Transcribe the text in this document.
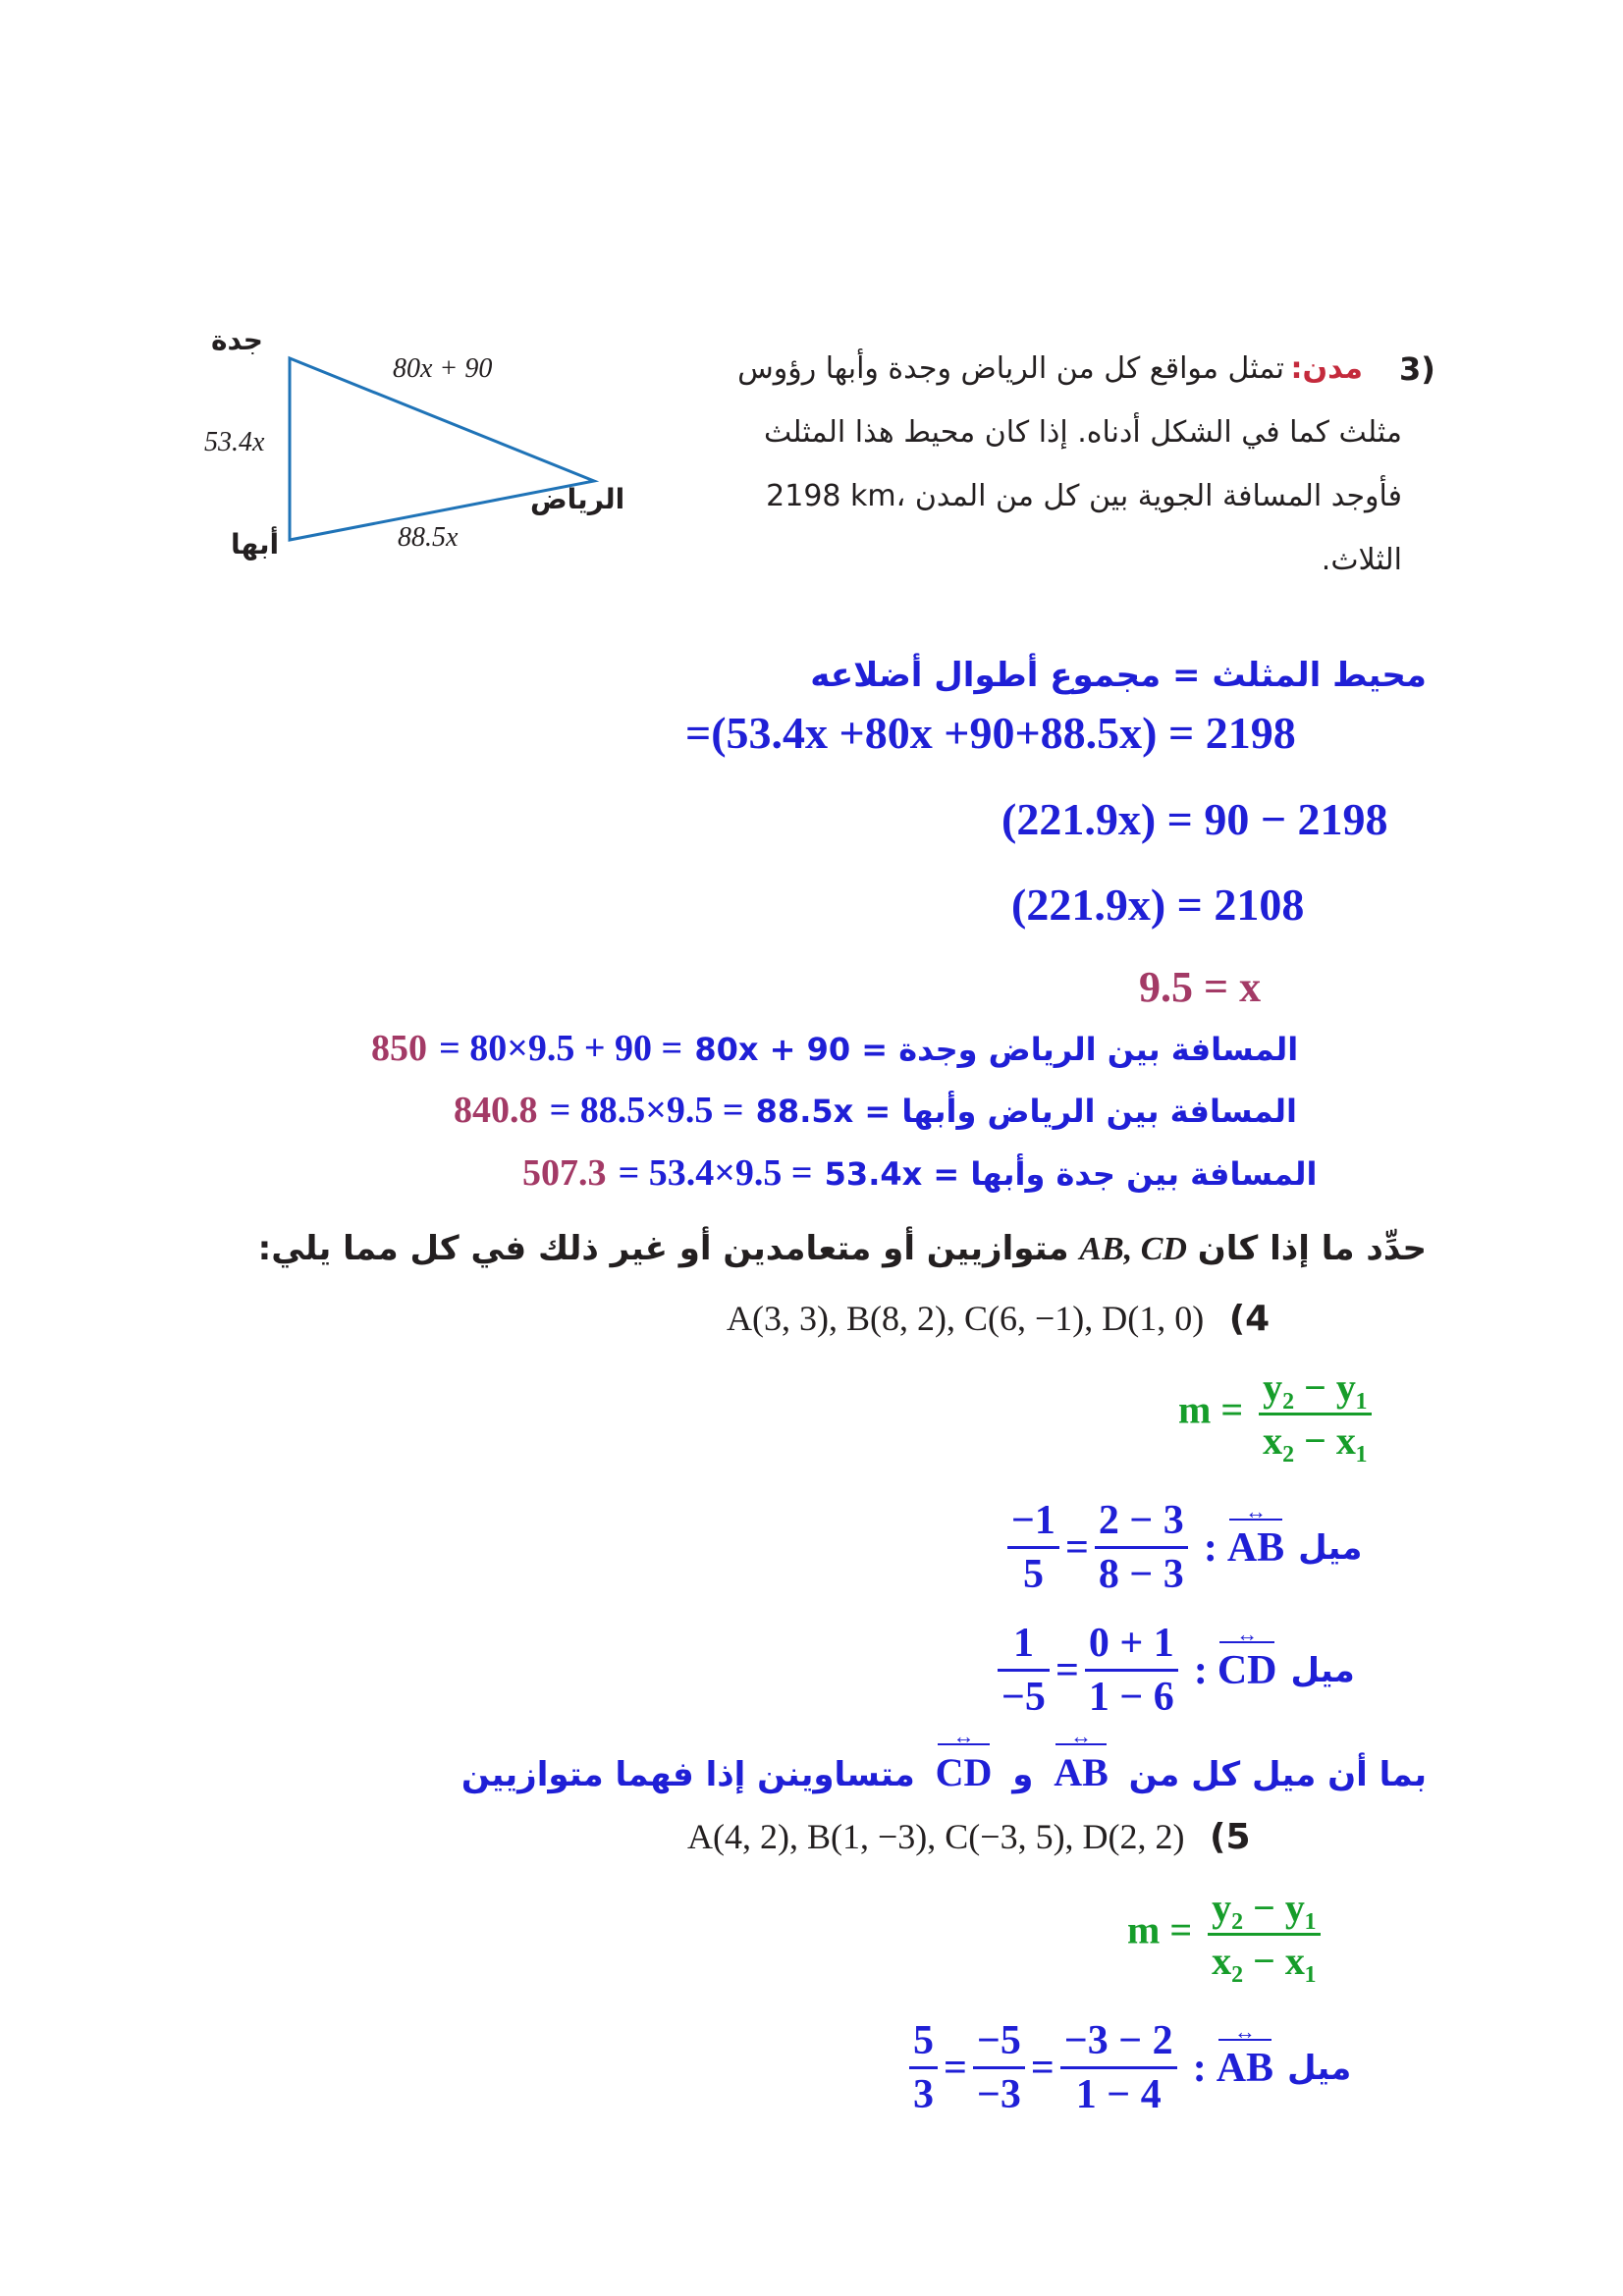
3)
مدن:
تمثل مواقع كل من الرياض وجدة وأبها رؤوس
مثلث كما في الشكل أدناه. إذا كان محيط هذا المثلث
2198 km، فأوجد المسافة الجوية بين كل من المدن
الثلاث.
جدة
أبها
الرياض
80x + 90
53.4x
88.5x
محيط المثلث = مجموع أطوال أضلاعه
=(53.4x +80x +90+88.5x) = 2198
(221.9x) = 90 − 2198
(221.9x) = 2108
9.5 = x
850 = 80×9.5 + 90 = المسافة بين الرياض وجدة = 80x + 90
840.8 = 88.5×9.5 = المسافة بين الرياض وأبها = 88.5x
507.3 = 53.4×9.5 = المسافة بين جدة وأبها = 53.4x
حدِّد ما إذا كان AB, CD متوازيين أو متعامدين أو غير ذلك في كل مما يلي:
A(3, 3), B(8, 2), C(6, −1), D(1, 0) (4
$m = \frac{\text{y₂ − y₁}}{\text{x₂ − x₁}}$
$\frac{-1}{5} = \frac{2 - 3}{8 - 3}$ : AB ↔ ميل
$\frac{1}{-5} = \frac{0 + 1}{1 - 6}$ : CD ↔ ميل
بما أن ميل كل من AB ↔ و CD ↔ متساوينن إذا فهما متوازيين
A(4, 2), B(1, −3), C(−3, 5), D(2, 2) (5
$m = \frac{\text{y₂ − y₁}}{\text{x₂ − x₁}}$
$\frac{5}{3} = \frac{-5}{-3} = \frac{-3 - 2}{1 - 4}$ : AB ↔ ميل
